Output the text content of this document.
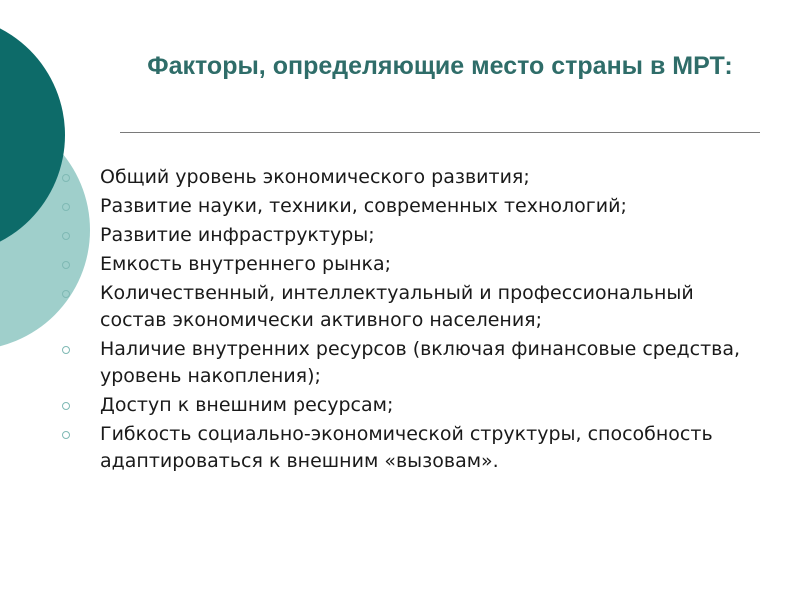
Факторы, определяющие место страны в МРТ:
Общий уровень экономического развития;
Развитие науки, техники, современных технологий;
Развитие инфраструктуры;
Емкость внутреннего рынка;
Количественный, интеллектуальный и профессиональный состав экономически активного населения;
Наличие внутренних ресурсов (включая финансовые средства, уровень накопления);
Доступ к внешним ресурсам;
Гибкость социально-экономической структуры, способность адаптироваться к внешним «вызовам».
